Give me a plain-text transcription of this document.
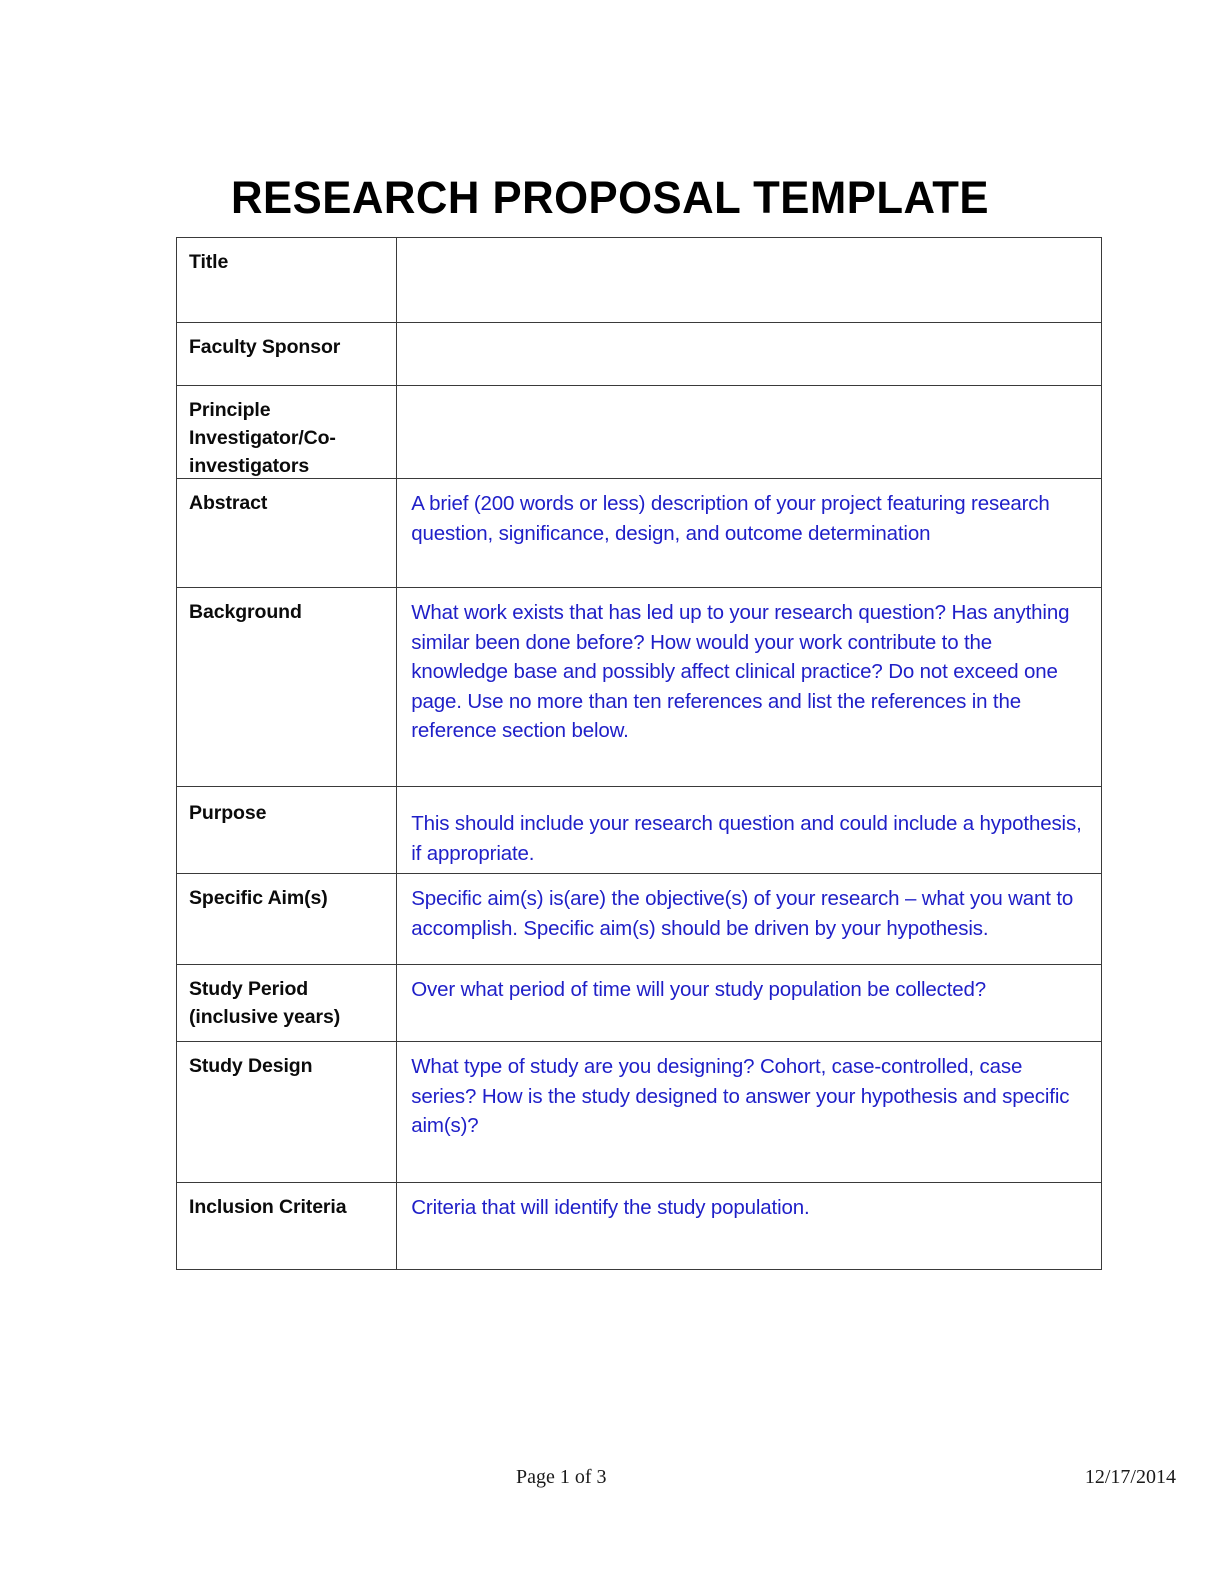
RESEARCH PROPOSAL TEMPLATE
Title	

Faculty Sponsor	

Principle
Investigator/Co-
investigators	

Abstract	A brief (200 words or less) description of your project featuring research question, significance, design, and outcome determination

Background	What work exists that has led up to your research question? Has anything similar been done before? How would your work contribute to the knowledge base and possibly affect clinical practice? Do not exceed one page. Use no more than ten references and list the references in the reference section below.

Purpose	This should include your research question and could include a hypothesis, if appropriate.

Specific Aim(s)	Specific aim(s) is(are) the objective(s) of your research – what you want to accomplish. Specific aim(s) should be driven by your hypothesis.

Study Period
(inclusive years)	Over what period of time will your study population be collected?

Study Design	What type of study are you designing? Cohort, case-controlled, case series? How is the study designed to answer your hypothesis and specific aim(s)?

Inclusion Criteria	Criteria that will identify the study population.
Page 1 of 3	12/17/2014
